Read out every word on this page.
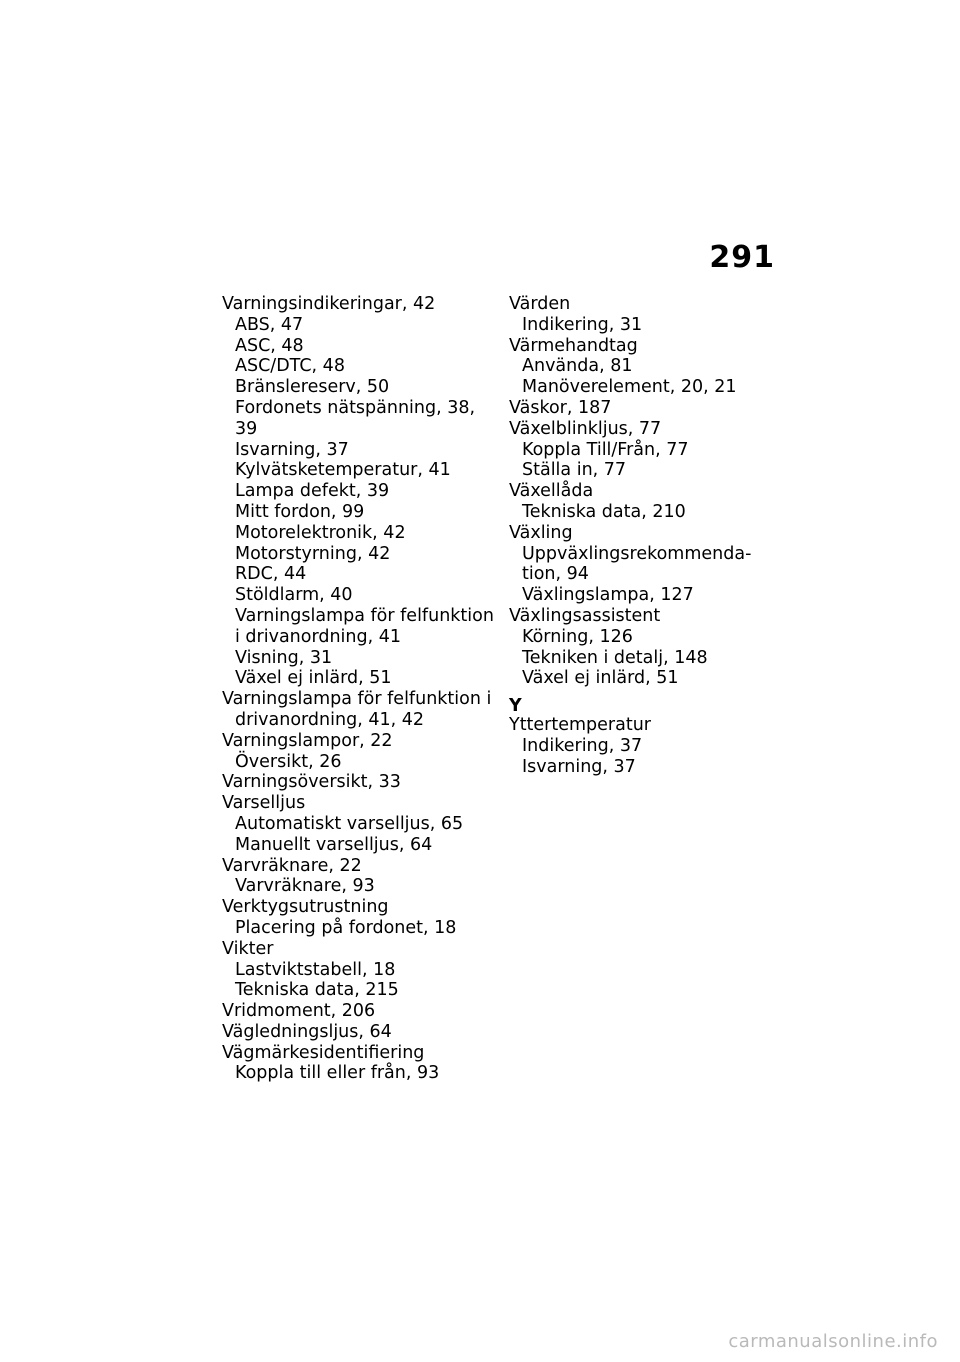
291
Varningsindikeringar, 42
ABS, 47
ASC, 48
ASC/DTC, 48
Bränslereserv, 50
Fordonets nätspänning, 38,
39
Isvarning, 37
Kylvätsketemperatur, 41
Lampa defekt, 39
Mitt fordon, 99
Motorelektronik, 42
Motorstyrning, 42
RDC, 44
Stöldlarm, 40
Varningslampa för felfunktion
i drivanordning, 41
Visning, 31
Växel ej inlärd, 51
Varningslampa för felfunktion i
drivanordning, 41, 42
Varningslampor, 22
Översikt, 26
Varningsöversikt, 33
Varselljus
Automatiskt varselljus, 65
Manuellt varselljus, 64
Varvräknare, 22
Varvräknare, 93
Verktygsutrustning
Placering på fordonet, 18
Vikter
Lastviktstabell, 18
Tekniska data, 215
Vridmoment, 206
Vägledningsljus, 64
Vägmärkesidentifiering
Koppla till eller från, 93
Värden
Indikering, 31
Värmehandtag
Använda, 81
Manöverelement, 20, 21
Väskor, 187
Växelblinkljus, 77
Koppla Till/Från, 77
Ställa in, 77
Växellåda
Tekniska data, 210
Växling
Uppväxlingsrekommenda-
tion, 94
Växlingslampa, 127
Växlingsassistent
Körning, 126
Tekniken i detalj, 148
Växel ej inlärd, 51
Y
Yttertemperatur
Indikering, 37
Isvarning, 37
carmanualsonline.info
